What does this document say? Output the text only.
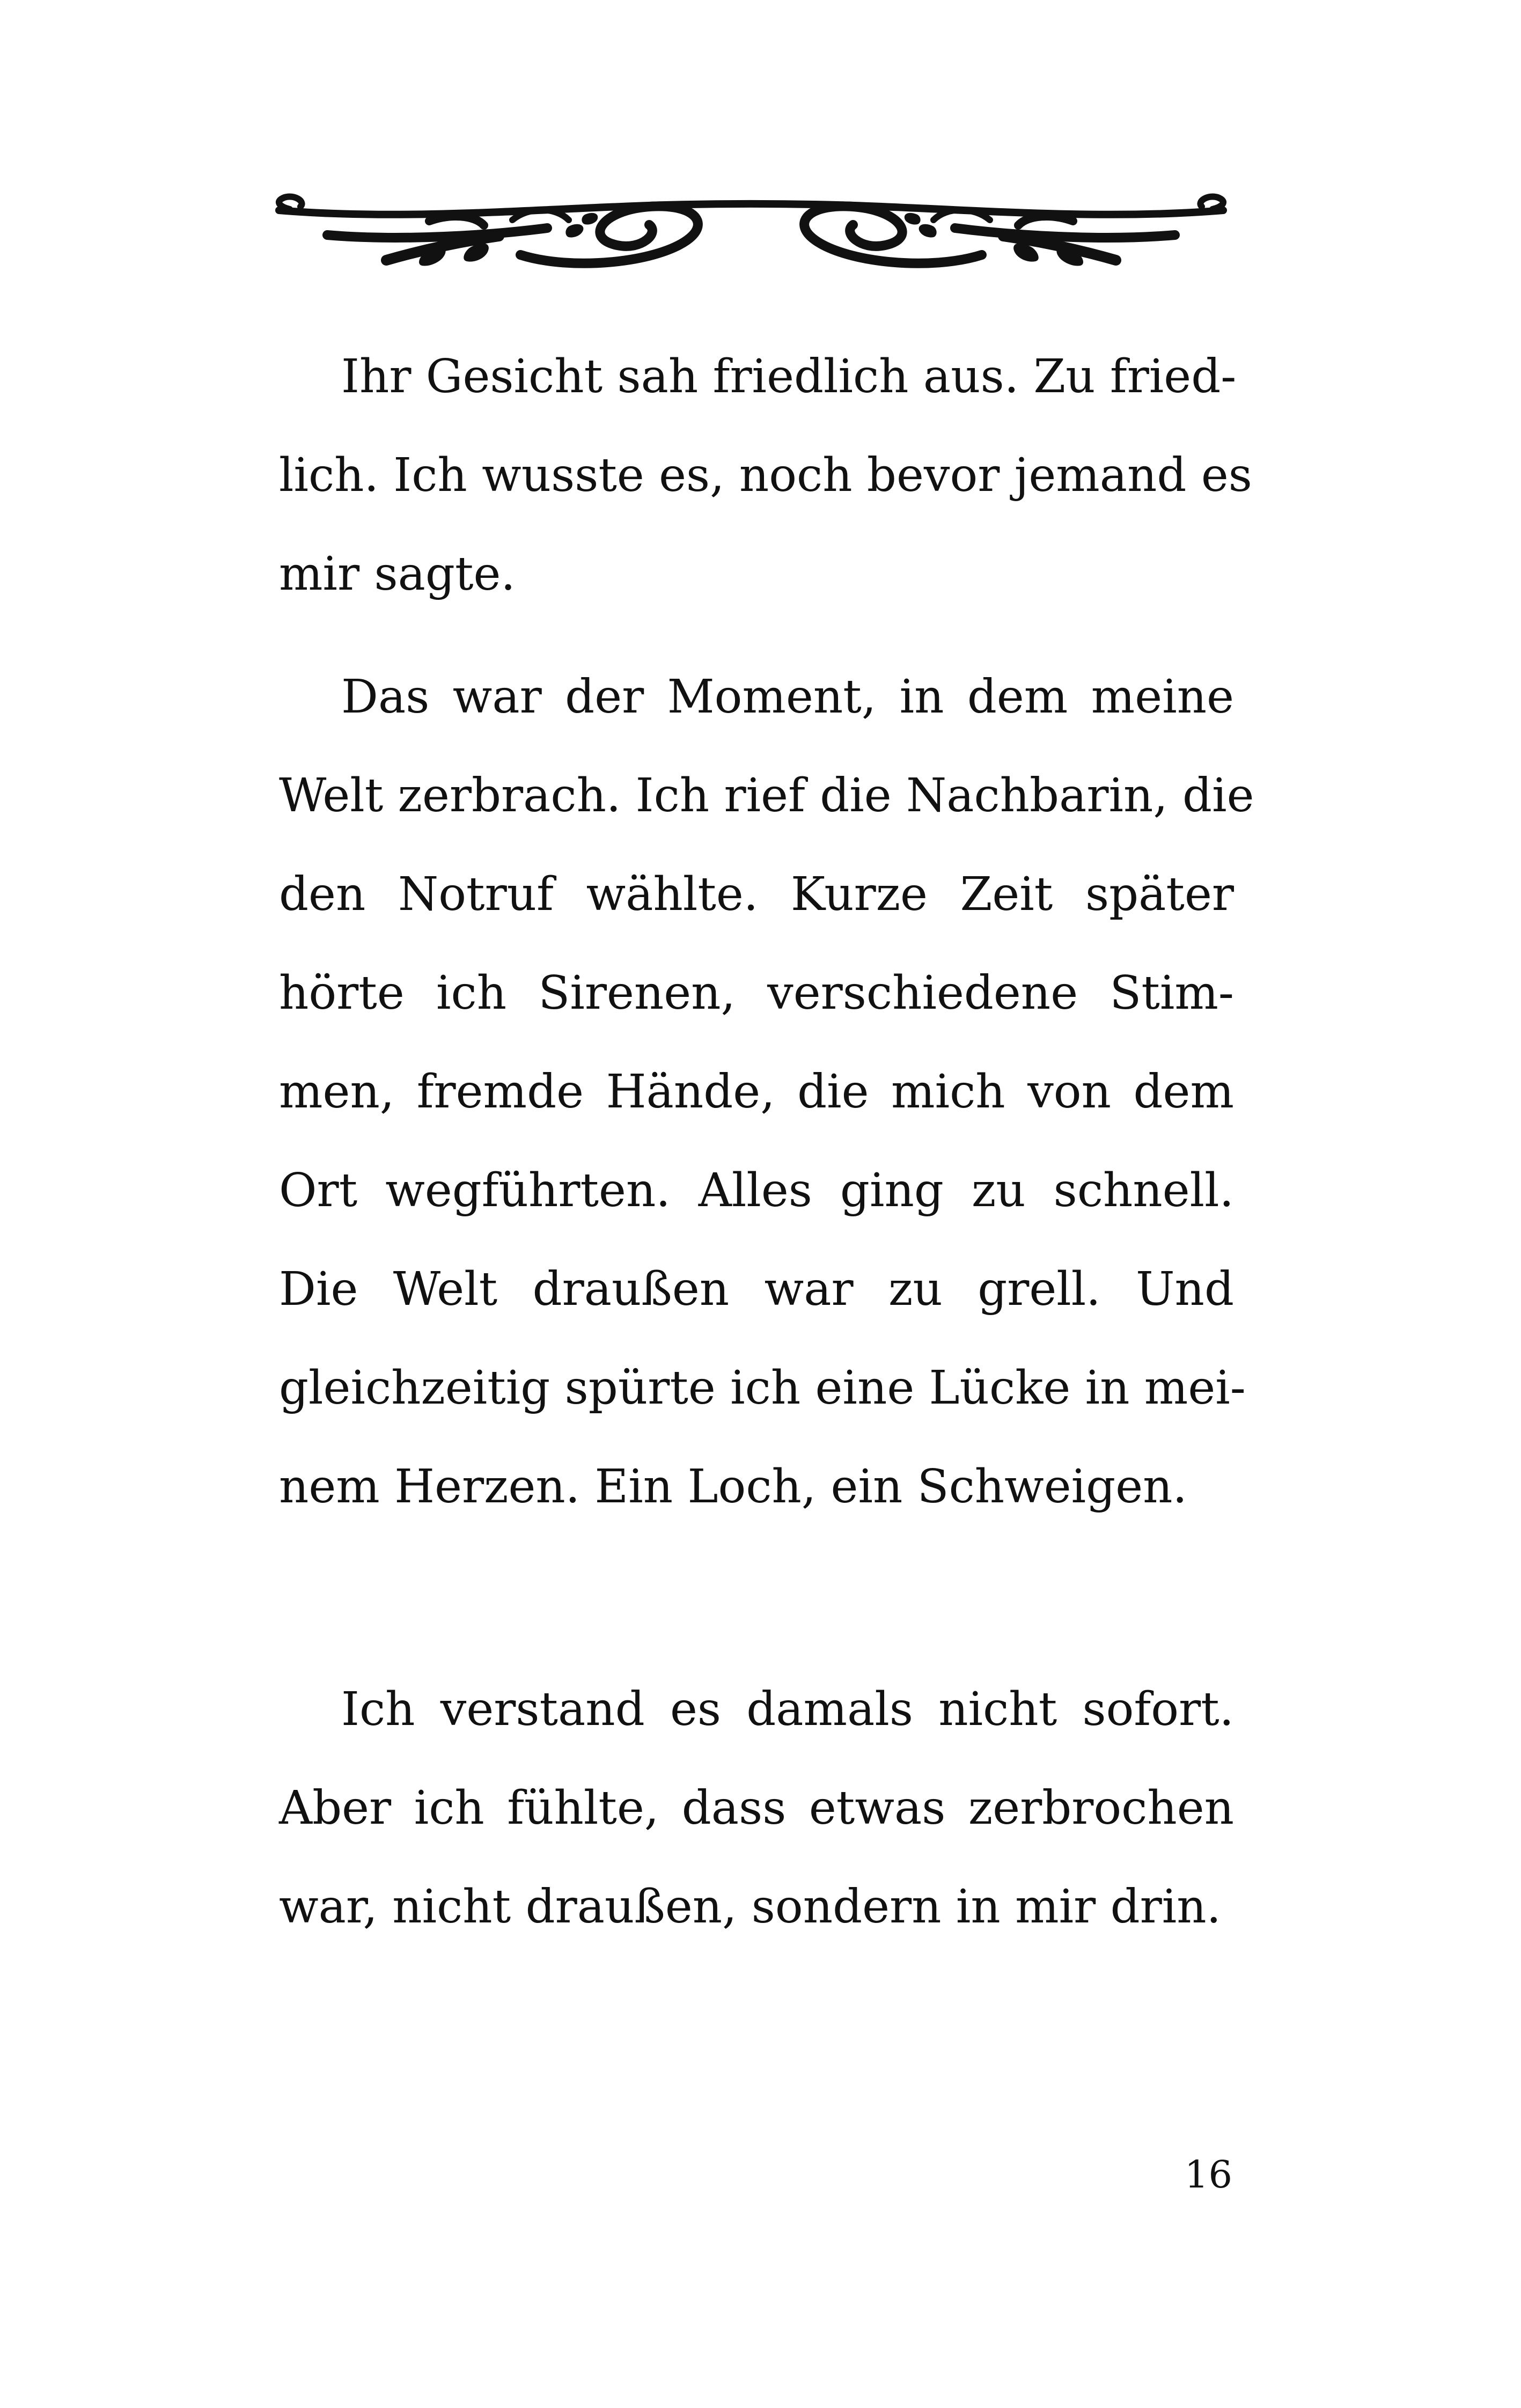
Ihr Gesicht sah friedlich aus. Zu fried-
lich. Ich wusste es, noch bevor jemand es
mir sagte.
Das war der Moment, in dem meine
Welt zerbrach. Ich rief die Nachbarin, die
den Notruf wählte. Kurze Zeit später
hörte ich Sirenen, verschiedene Stim-
men, fremde Hände, die mich von dem
Ort wegführten. Alles ging zu schnell.
Die Welt draußen war zu grell. Und
gleichzeitig spürte ich eine Lücke in mei-
nem Herzen. Ein Loch, ein Schweigen.
Ich verstand es damals nicht sofort.
Aber ich fühlte, dass etwas zerbrochen
war, nicht draußen, sondern in mir drin.
16
